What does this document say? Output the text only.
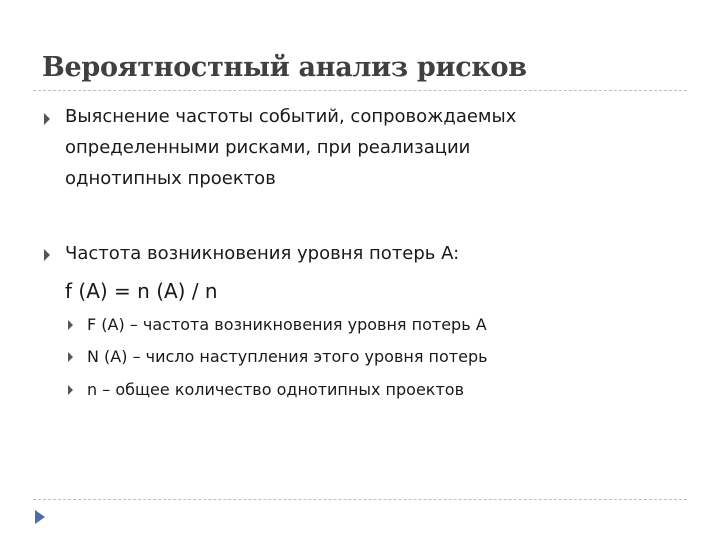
Вероятностный анализ рисков
Выяснение частоты событий, сопровождаемых
определенными рисками, при реализации
однотипных проектов
Частота возникновения уровня потерь A:
f (A) = n (A) / n
F (A) – частота возникновения уровня потерь А
N (A) – число наступления этого уровня потерь
n – общее количество однотипных проектов
